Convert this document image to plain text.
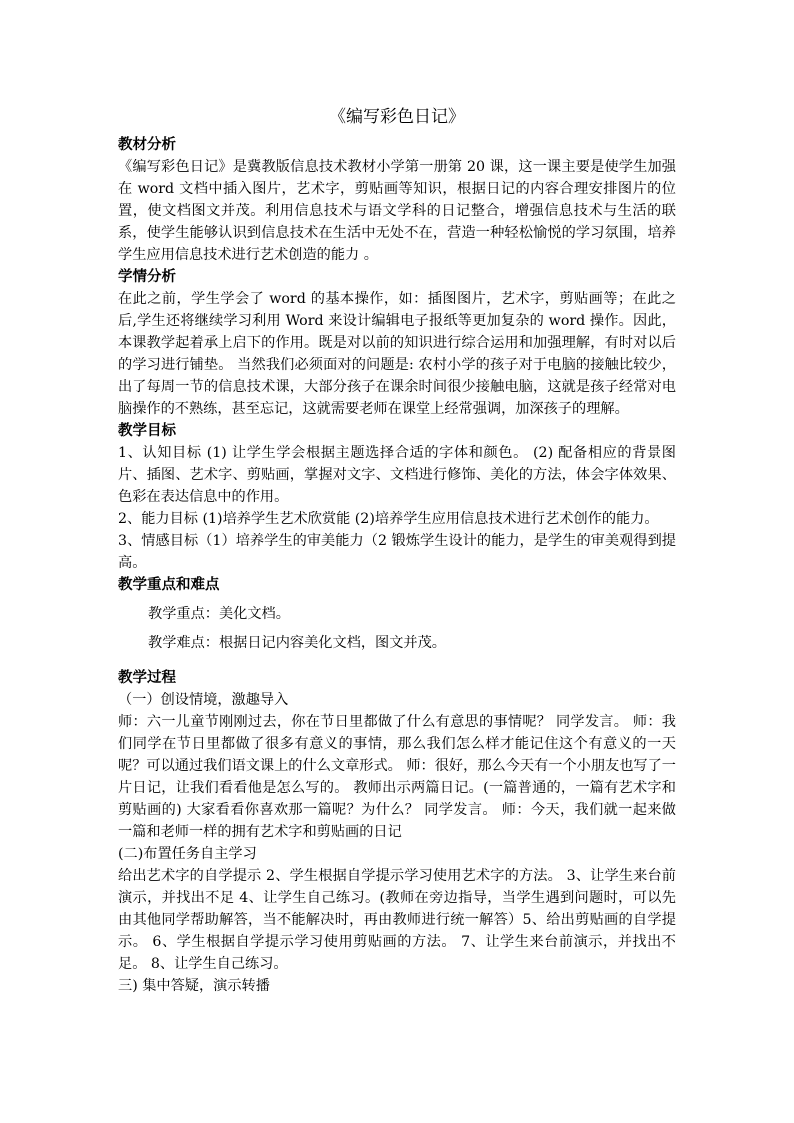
《编写彩色日记》
教材分析

《编写彩色日记》是冀教版信息技术教材小学第一册第 20 课，这一课主要是使学生加强在 word 文档中插入图片，艺术字，剪贴画等知识，根据日记的内容合理安排图片的位置，使文档图文并茂。利用信息技术与语文学科的日记整合，增强信息技术与生活的联系，使学生能够认识到信息技术在生活中无处不在，营造一种轻松愉悦的学习氛围，培养学生应用信息技术进行艺术创造的能力 。

学情分析

在此之前，学生学会了 word 的基本操作，如：插图图片，艺术字，剪贴画等；在此之后,学生还将继续学习利用 Word 来设计编辑电子报纸等更加复杂的 word 操作。因此，本课教学起着承上启下的作用。既是对以前的知识进行综合运用和加强理解，有时对以后的学习进行铺垫。 当然我们必须面对的问题是: 农村小学的孩子对于电脑的接触比较少，出了每周一节的信息技术课，大部分孩子在课余时间很少接触电脑，这就是孩子经常对电脑操作的不熟练，甚至忘记，这就需要老师在课堂上经常强调，加深孩子的理解。

教学目标

1、认知目标 (1) 让学生学会根据主题选择合适的字体和颜色。 (2) 配备相应的背景图片、插图、艺术字、剪贴画，掌握对文字、文档进行修饰、美化的方法，体会字体效果、色彩在表达信息中的作用。

2、能力目标 (1)培养学生艺术欣赏能 (2)培养学生应用信息技术进行艺术创作的能力。

3、情感目标（1）培养学生的审美能力（2 锻炼学生设计的能力，是学生的审美观得到提高。

教学重点和难点

教学重点：美化文档。

教学难点：根据日记内容美化文档，图文并茂。

教学过程

（一）创设情境，激趣导入

师：六一儿童节刚刚过去，你在节日里都做了什么有意思的事情呢？ 同学发言。 师：我们同学在节日里都做了很多有意义的事情，那么我们怎么样才能记住这个有意义的一天呢？可以通过我们语文课上的什么文章形式。 师：很好，那么今天有一个小朋友也写了一片日记，让我们看看他是怎么写的。 教师出示两篇日记。(一篇普通的，一篇有艺术字和剪贴画的) 大家看看你喜欢那一篇呢？为什么？ 同学发言。 师：今天，我们就一起来做一篇和老师一样的拥有艺术字和剪贴画的日记

(二)布置任务自主学习

给出艺术字的自学提示 2、学生根据自学提示学习使用艺术字的方法。 3、让学生来台前演示，并找出不足 4、让学生自己练习。(教师在旁边指导，当学生遇到问题时，可以先由其他同学帮助解答，当不能解决时，再由教师进行统一解答）5、给出剪贴画的自学提示。 6、学生根据自学提示学习使用剪贴画的方法。 7、让学生来台前演示，并找出不足。 8、让学生自己练习。

三) 集中答疑，演示转播
